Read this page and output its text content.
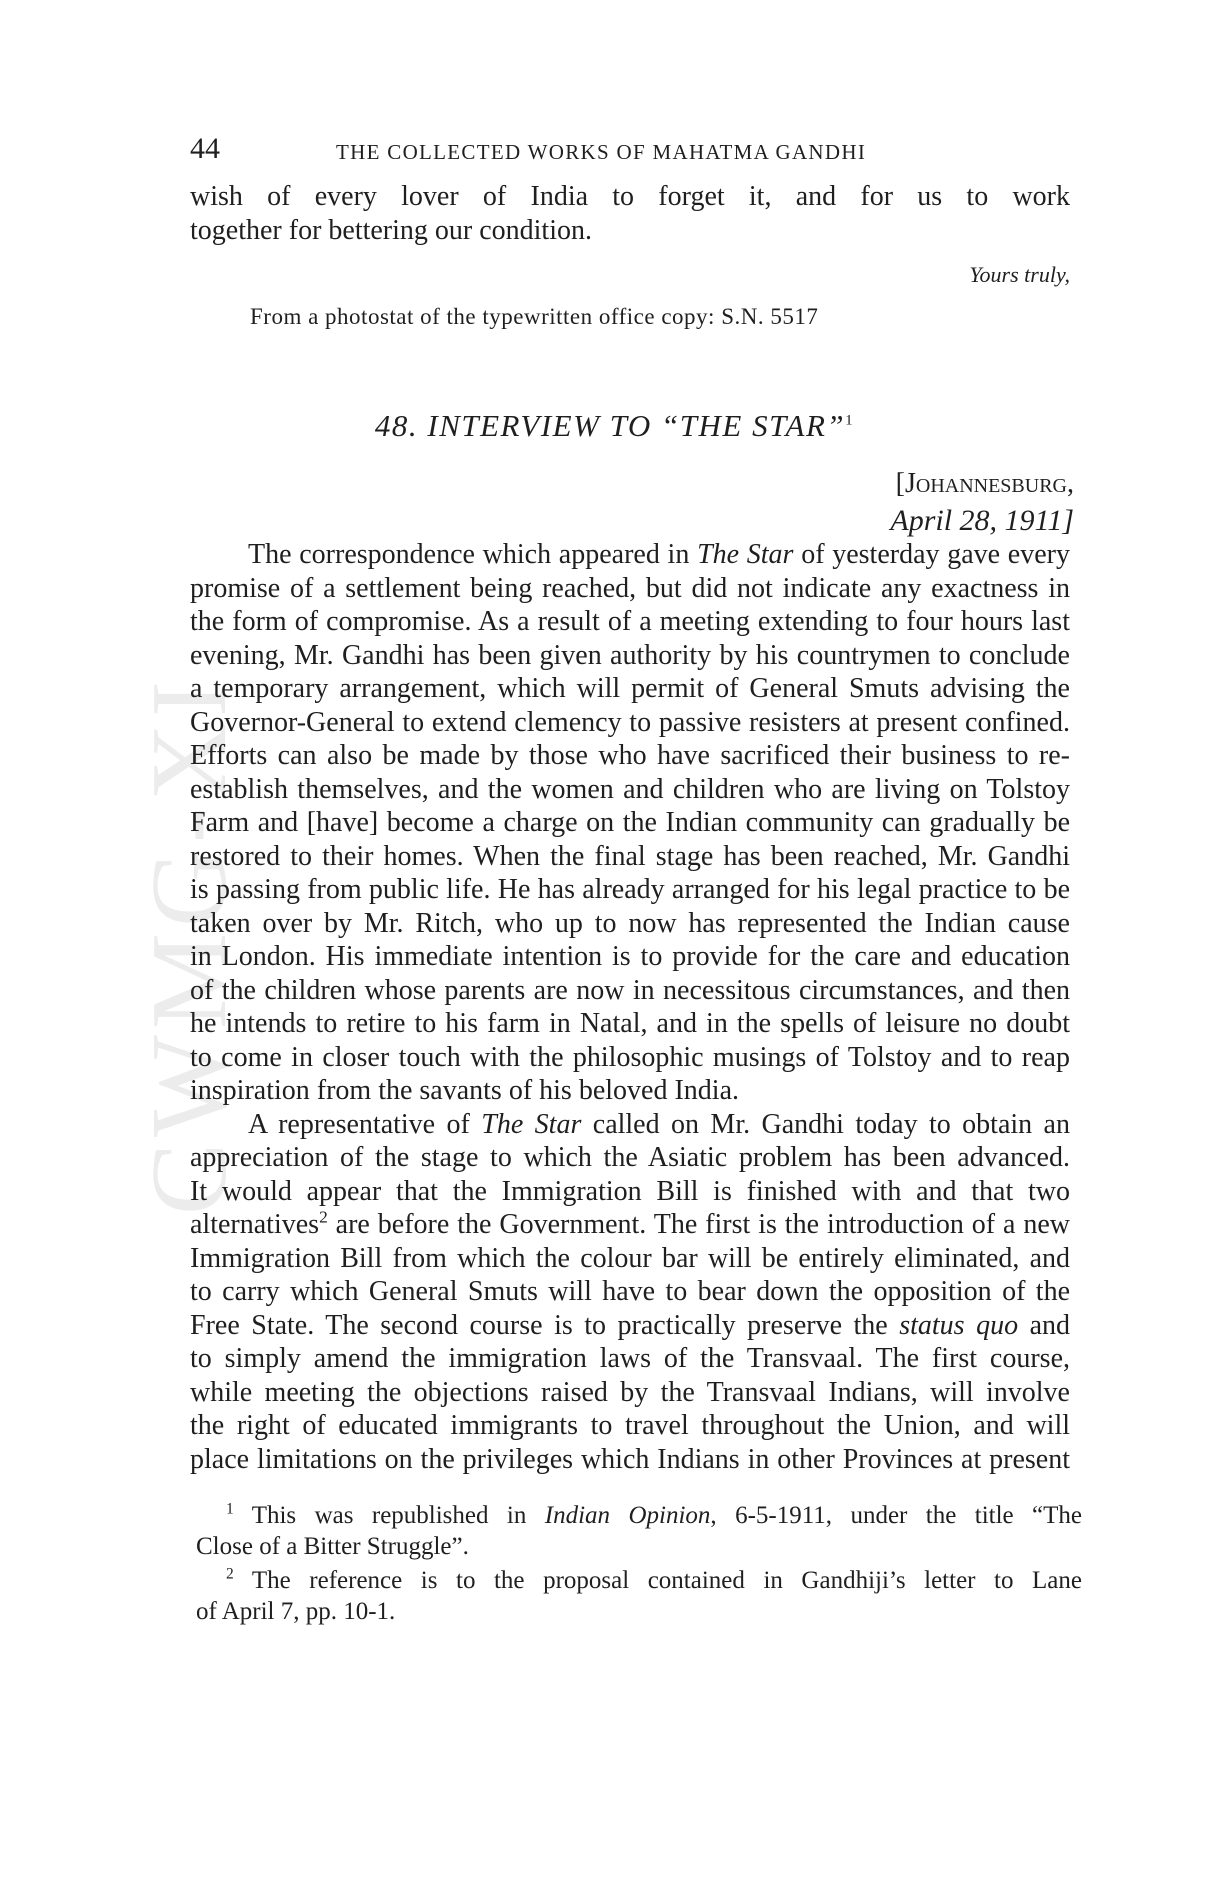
CWMG-XI
44	THE COLLECTED WORKS OF MAHATMA GANDHI
wish of every lover of India to forget it, and for us to work
together for bettering our condition.
Yours truly,
From a photostat of the typewritten office copy: S.N. 5517
48. INTERVIEW TO “THE STAR”$^1$
[Johannesburg,
April 28, 1911]

The correspondence which appeared in The Star of yesterday gave every
promise of a settlement being reached, but did not indicate any exactness in
the form of compromise. As a result of a meeting extending to four hours last
evening, Mr. Gandhi has been given authority by his countrymen to conclude
a temporary arrangement, which will permit of General Smuts advising the
Governor-General to extend clemency to passive resisters at present confined.
Efforts can also be made by those who have sacrificed their business to re-
establish themselves, and the women and children who are living on Tolstoy
Farm and [have] become a charge on the Indian community can gradually be
restored to their homes. When the final stage has been reached, Mr. Gandhi
is passing from public life. He has already arranged for his legal practice to be
taken over by Mr. Ritch, who up to now has represented the Indian cause
in London. His immediate intention is to provide for the care and education
of the children whose parents are now in necessitous circumstances, and then
he intends to retire to his farm in Natal, and in the spells of leisure no doubt
to come in closer touch with the philosophic musings of Tolstoy and to reap
inspiration from the savants of his beloved India.

A representative of The Star called on Mr. Gandhi today to obtain an
appreciation of the stage to which the Asiatic problem has been advanced.
It would appear that the Immigration Bill is finished with and that two
alternatives$^2$ are before the Government. The first is the introduction of a new
Immigration Bill from which the colour bar will be entirely eliminated, and
to carry which General Smuts will have to bear down the opposition of the
Free State. The second course is to practically preserve the status quo and
to simply amend the immigration laws of the Transvaal. The first course,
while meeting the objections raised by the Transvaal Indians, will involve
the right of educated immigrants to travel throughout the Union, and will
place limitations on the privileges which Indians in other Provinces at present

$^1$ This was republished in Indian Opinion, 6-5-1911, under the title “The
Close of a Bitter Struggle”.
$^2$ The reference is to the proposal contained in Gandhiji’s letter to Lane
of April 7, pp. 10-1.
